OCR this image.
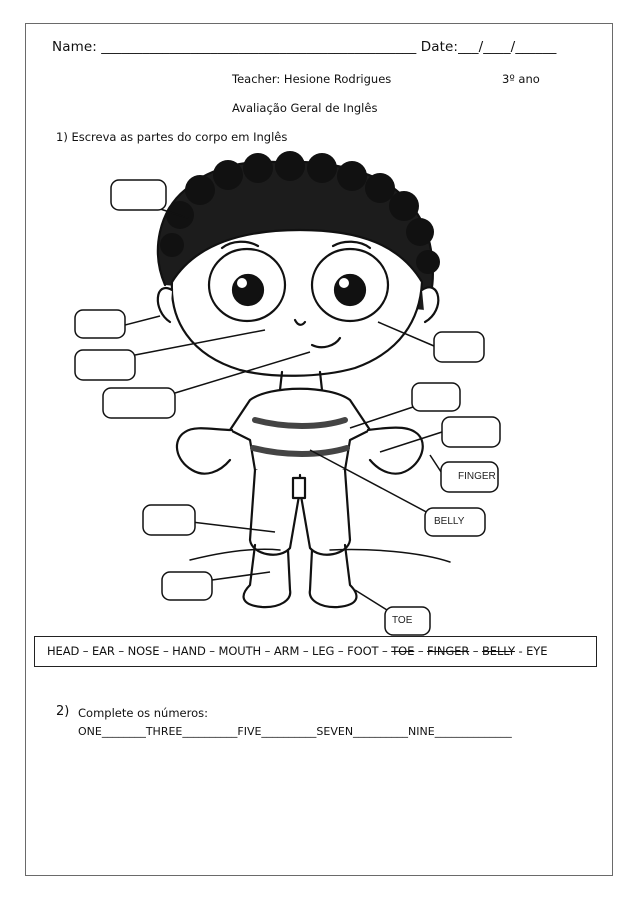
Name: ______________________________________________ Date:___/____/______
Teacher: Hesione Rodrigues	3º ano
Avaliação Geral de Inglês
1) Escreva as partes do corpo em Inglês
FINGER
BELLY
TOE
HEAD – EAR – NOSE – HAND – MOUTH – ARM – LEG – FOOT – TOE – FINGER – BELLY - EYE
2) Complete os números:
ONE________THREE__________FIVE__________SEVEN__________NINE______________
